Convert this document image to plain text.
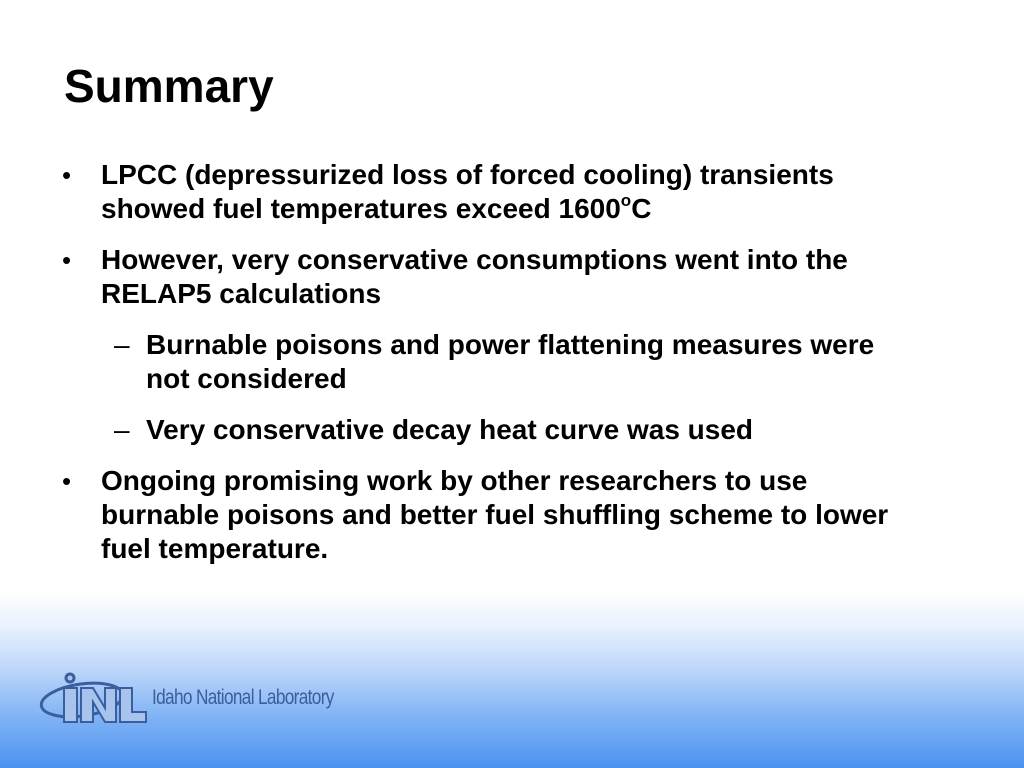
Summary
• LPCC (depressurized loss of forced cooling) transients showed fuel temperatures exceed 1600$^o$C
• However, very conservative consumptions went into the RELAP5 calculations
– Burnable poisons and power flattening measures were not considered
– Very conservative decay heat curve was used
• Ongoing promising work by other researchers to use burnable poisons and better fuel shuffling scheme to lower fuel temperature.
Idaho National Laboratory
